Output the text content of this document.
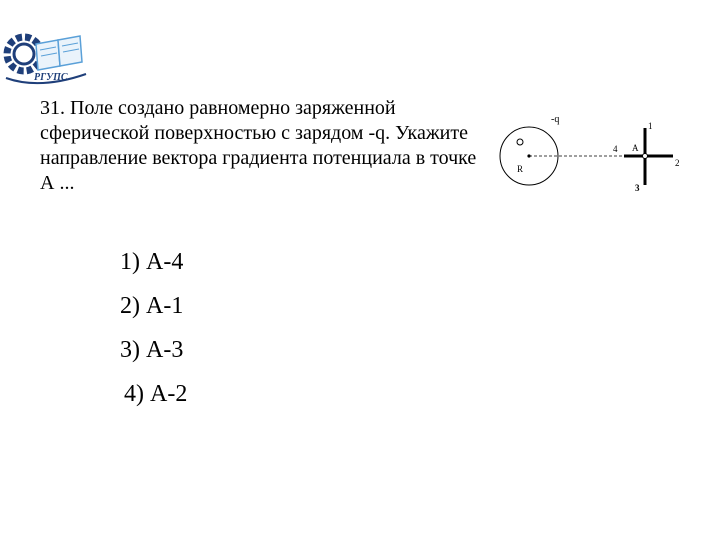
РГУПС

31. Поле создано равномерно заряженной сферической поверхностью с зарядом -q. Укажите направление вектора градиента потенциала в точке А ...

1) А-4
2) А-1
3) А-3
4) А-2
-q
R
A
1
2
3
4
